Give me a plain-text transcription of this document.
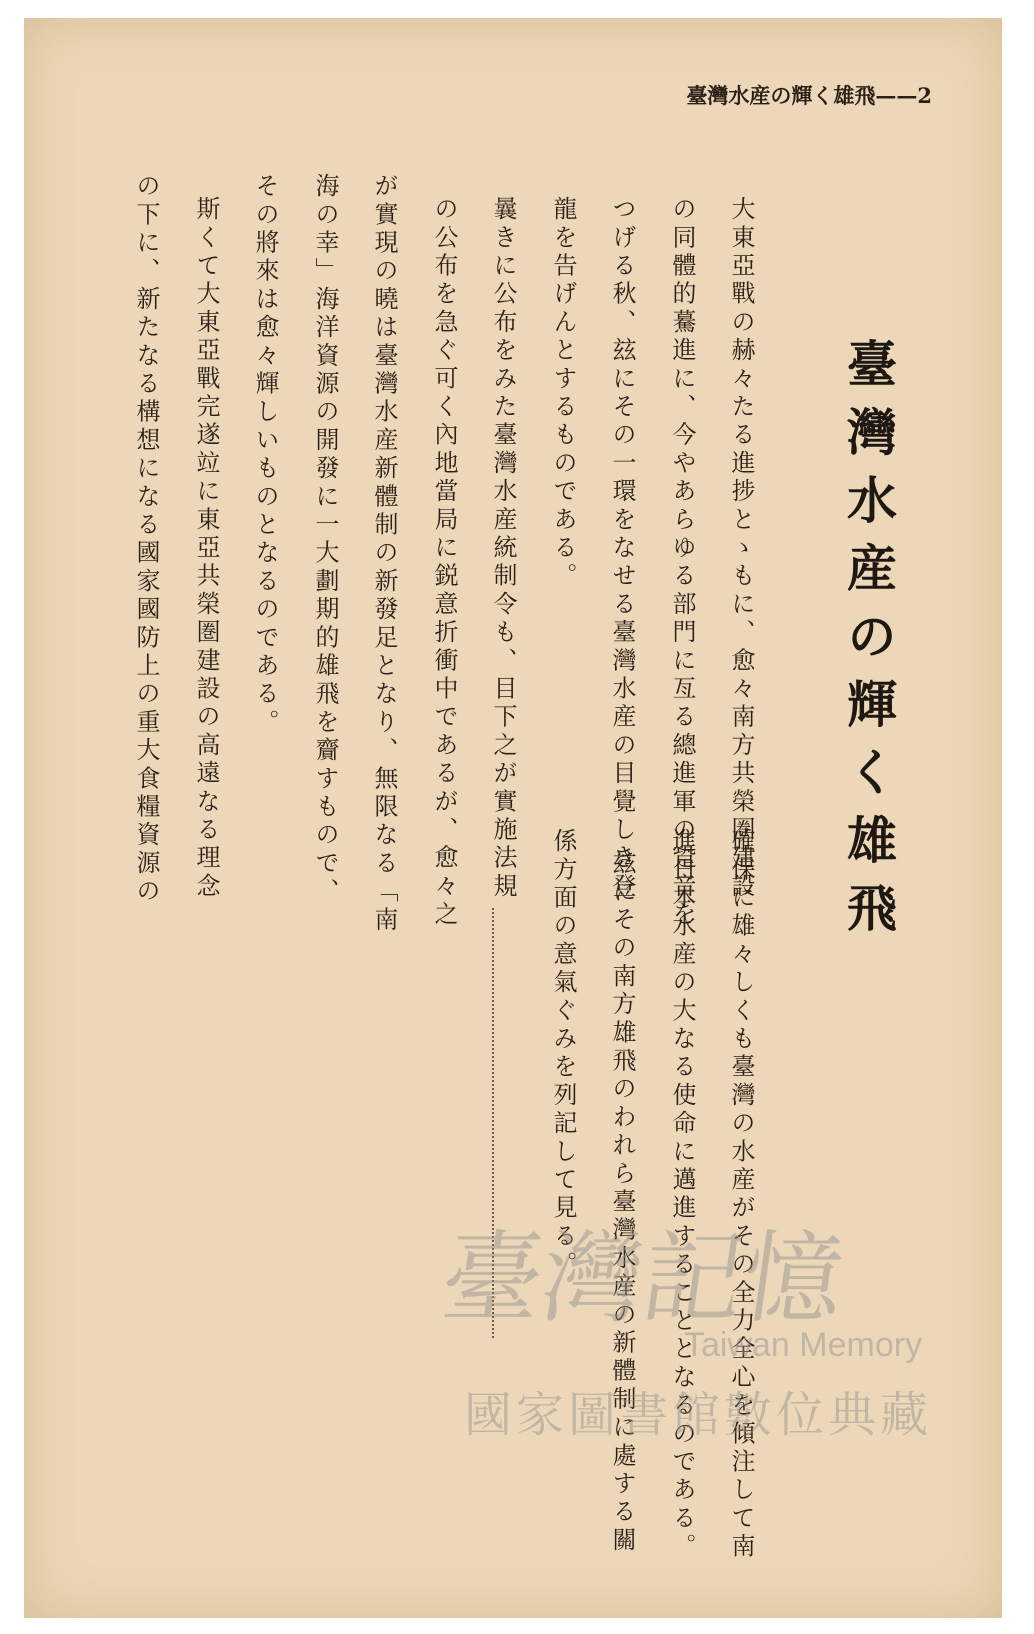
臺灣水産の輝く雄飛——2
臺灣水産の輝く雄飛
大東亞戰の赫々たる進捗とゝもに、愈々南方共榮圏建設
の同體的驀進に、今やあらゆる部門に亙る總進軍の跫音を
つげる秋、玆にその一環をなせる臺灣水産の目覺しき登
龍を告げんとするものである。
曩きに公布をみた臺灣水産統制令も、目下之が實施法規
の公布を急ぐ可く內地當局に鋭意折衝中であるが、愈々之
が實現の曉は臺灣水産新體制の新發足となり、無限なる「南
海の幸」海洋資源の開發に一大劃期的雄飛を齎すもので、
その將來は愈々輝しいものとなるのである。
斯くて大東亞戰完遂竝に東亞共榮圏建設の高遠なる理念
の下に、新たなる構想になる國家國防上の重大食糧資源の
確保に雄々しくも臺灣の水産がその全力全心を傾注して南
進日本水産の大なる使命に邁進することとなるのである。
玆にその南方雄飛のわれら臺灣水産の新體制に處する關
係方面の意氣ぐみを列記して見る。
臺灣記憶
Taiwan Memory
國家圖書館數位典藏
